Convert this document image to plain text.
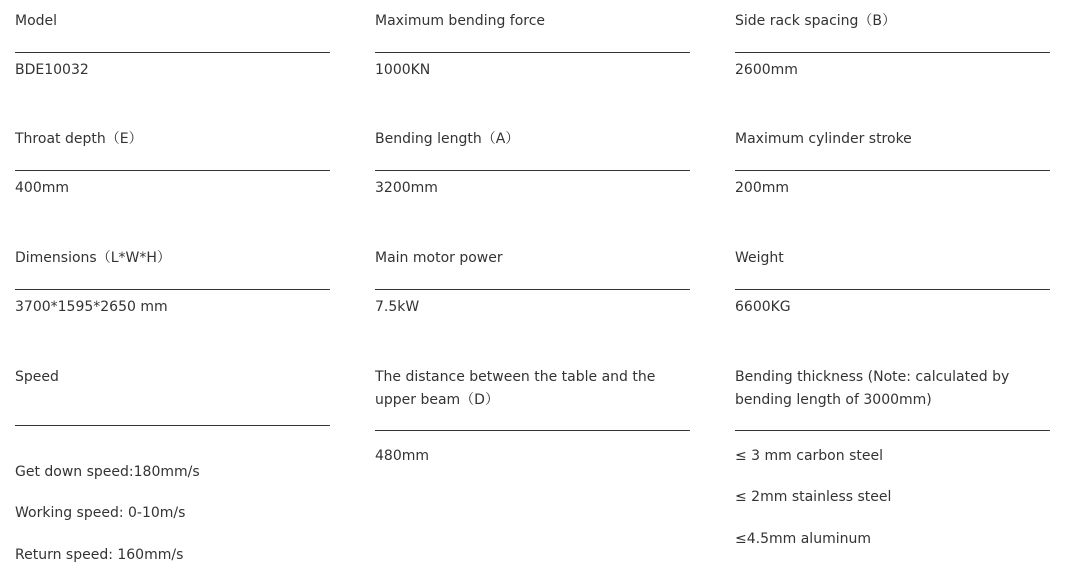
Model
BDE10032
Maximum bending force
1000KN
Side rack spacing（B）
2600mm
Throat depth（E）
400mm
Bending length（A）
3200mm
Maximum cylinder stroke
200mm
Dimensions（L*W*H）
3700*1595*2650 mm
Main motor power
7.5kW
Weight
6600KG
Speed
Get down speed:180mm/s
Working speed: 0-10m/s
Return speed: 160mm/s
The distance between the table and the upper beam（D）
480mm
Bending thickness (Note: calculated by bending length of 3000mm)
≤ 3 mm carbon steel
≤ 2mm stainless steel
≤4.5mm aluminum
